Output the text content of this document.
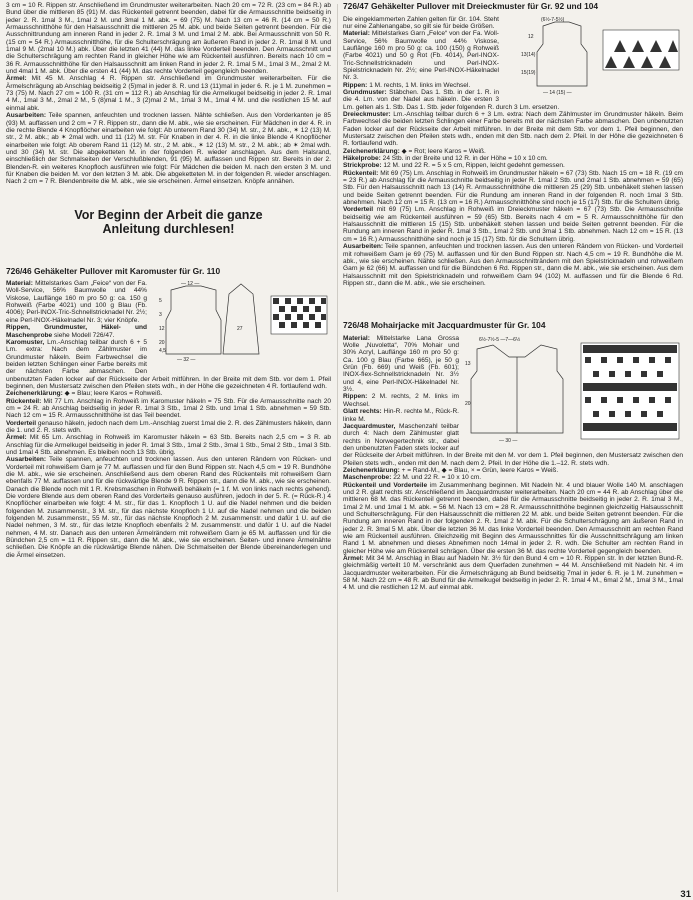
3 cm = 10 R. Rippen str. Anschließend im Grundmuster weiterarbeiten. Nach 20 cm = 72 R. (23 cm = 84 R.) ab Bund über die mittleren 85 (91) M. das Rückenteil getrennt beenden, dabei für die Armausschnitte beidseitig in jeder 2. R. 1mal 3 M., 1mal 2 M. und 3mal 1 M. abk. = 69 (75) M. Nach 13 cm = 46 R. (14 cm = 50 R.) Armausschnitthöhe für den Halsausschnitt die mittleren 25 M. abk. und beide Seiten getrennt beenden. Für die Ausschnittrundung am inneren Rand in jeder 2. R. 1mal 3 M. und 1mal 2 M. abk. Bei Armausschnitt von 50 R. (15 cm = 54 R.) Armausschnitthöhe, für die Schulterschrägung am äußeren Rand in jeder 2. R. 1mal 8 M. und 1mal 9 M. (2mal 10 M.) abk. Über die letzten 41 (44) M. das linke Vorderteil beenden. Den Armausschnitt und die Schulterschrägung am rechten Rand in gleicher Höhe wie am Rückenteil ausführen. Bereits nach 10 cm = 36 R. Armausschnitthöhe für den Halsausschnitt am linken Rand in jeder 2. R. 1mal 5 M., 1mal 3 M., 2mal 2 M. und 4mal 1 M. abk. Über die ersten 41 (44) M. das rechte Vorderteil gegengleich beenden.

Ärmel: Mit 45 M. Anschlag 4 R. Rippen str. Anschließend im Grundmuster weiterarbeiten. Für die Ärmelschrägung ab Anschlag beidseitig 2 (5)mal in jeder 8. R. und 13 (11)mal in jeder 6. R. je 1 M. zunehmen = 73 (75) M. Nach 27 cm = 100 R. (31 cm = 112 R.) ab Anschlag für die Armelkugel beidseitig in jeder 2. R. 1mal 4 M., 1mal 3 M., 2mal 2 M., 5 (8)mal 1 M., 3 (2)mal 2 M., 1mal 3 M., 1mal 4 M. und die restlichen 15 M. auf einmal abk.

Ausarbeiten: Teile spannen, anfeuchten und trocknen lassen. Nähte schließen. Aus den Vorderkanten je 85 (93) M. auffassen und 2 cm = 7 R. Rippen str., dann die M. abk., wie sie erscheinen. Für Mädchen in der 4. R. in die rechte Blende 4 Knopflöcher einarbeiten wie folgt: Ab unterem Rand 30 (34) M. str., 2 M. abk., ✶ 12 (13) M. str., 2 M. abk.; ab ✶ 2mal wdh. und 11 (12) M. str. Für Knaben in der 4. R. in die linke Blende 4 Knopflöcher einarbeiten wie folgt: Ab oberem Rand 11 (12) M. str., 2 M. abk., ✶ 12 (13) M. str., 2 M. abk.; ab ✶ 2mal wdh. und 30 (34) M. str. Die abgeketteten M. in der folgenden R. wieder anschlagen. Aus dem Halsrand, einschließlich der Schmalseiten der Verschlußblenden, 91 (95) M. auffassen und Rippen str. Bereits in der 2. Blenden-R. ein weiteres Knopfloch ausführen wie folgt: Für Mädchen die beiden M. nach den ersten 3 M. und für Knaben die beiden M. vor den letzten 3 M. abk. Die abgeketteten M. in der folgenden R. wieder anschlagen. Nach 2 cm = 7 R. Blendenbreite die M. abk., wie sie erscheinen. Ärmel einsetzen. Knöpfe annähen.

Vor Beginn der Arbeit die ganze
Anleitung durchlesen!
726/46 Gehäkelter Pullover mit Karomuster für Gr. 110
— 12 —
5
3
12
20
4,5
— 32 —
27

Material: Mittelstarkes Garn „Feice“ von der Fa. Woll-Service, 56% Baumwolle und 44% Viskose, Lauflänge 160 m pro 50 g: ca. 150 g Rohweiß (Farbe 4021) und 100 g Blau (Fb. 4006); Perl-INOX-Tric-Schnellstricknadel Nr. 2½; eine Perl-INOX-Häkelnadel Nr. 3; vier Knöpfe.

Rippen, Grundmuster, Häkel- und Maschenprobe siehe Modell 726/47.

Karomuster, Lm.-Anschlag teilbar durch 6 + 5 Lm. extra: Nach dem Zählmuster im Grundmuster häkeln. Beim Farbwechsel die beiden letzten Schlingen einer Farbe bereits mit der nächsten Farbe abmaschen. Den unbenutzten Faden locker auf der Rückseite der Arbeit mitführen. In der Breite mit dem Stb. vor dem 1. Pfeil beginnen, den Mustersatz zwischen den Pfeilen stets wdh., in der Höhe die gezeichneten 4 R. fortlaufend wdh.

Zeichenerklärung: ◆ = Blau; leere Karos = Rohweiß.

Rückenteil: Mit 77 Lm. Anschlag in Rohweiß im Karomuster häkeln = 75 Stb. Für die Armausschnitte nach 20 cm = 24 R. ab Anschlag beidseitig in jeder R. 1mal 3 Stb., 1mal 2 Stb. und 1mal 1 Stb. abnehmen = 59 Stb. Nach 12 cm = 15 R. Armausschnitthöhe ist das Teil beendet.

Vorderteil genauso häkeln, jedoch nach dem Lm.-Anschlag zuerst 1mal die 2. R. des Zählmusters häkeln, dann die 1. und 2. R. stets wdh.

Ärmel: Mit 65 Lm. Anschlag in Rohweiß im Karomuster häkeln = 63 Stb. Bereits nach 2,5 cm = 3 R. ab Anschlag für die Armelkugel beidseitig in jeder R. 1mal 3 Stb., 1mal 2 Stb., 3mal 1 Stb., 5mal 2 Stb., 1mal 3 Stb. und 1mal 4 Stb. abnehmen. Es bleiben noch 13 Stb. übrig.

Ausarbeiten: Teile spannen, anfeuchten und trocknen lassen. Aus den unteren Rändern von Rücken- und Vorderteil mit rohweißem Garn je 77 M. auffassen und für den Bund Rippen str. Nach 4,5 cm = 19 R. Bundhöhe die M. abk., wie sie erscheinen. Anschließend aus dem oberen Rand des Rückenteils mit rohweißem Garn ebenfalls 77 M. auffassen und für die rückwärtige Blende 9 R. Rippen str., dann die M. abk., wie sie erscheinen. Danach die Blende noch mit 1 R. Krebsmaschen in Rohweiß behäkeln (= 1 f. M. von links nach rechts gehend). Die vordere Blende aus dem oberen Rand des Vorderteils genauso ausführen, jedoch in der 5. R. (= Rück-R.) 4 Knopflöcher einarbeiten wie folgt: 4 M. str., für das 1. Knopfloch 1 U. auf die Nadel nehmen und die beiden folgenden M. zusammenstr., 3 M. str., für das nächste Knopfloch 1 U. auf die Nadel nehmen und die beiden folgenden M. zusammenstr., 55 M. str., für das nächste Knopfloch 2 M. zusammenstr. und dafür 1 U. auf die Nadel nehmen, 3 M. str., für das letzte Knopfloch ebenfalls 2 M. zusammenstr. und dafür 1 U. auf die Nadel nehmen, 4 M. str. Danach aus den unteren Ärmelrändern mit rohweißem Garn je 65 M. auffassen und für die Bündchen 2,5 cm = 11 R. Rippen str., dann die M. abk., wie sie erscheinen. Seiten- und innere Ärmelnähte schließen. Die Knöpfe an die rückwärtige Blende nähen. Die Schmalseiten der Blende übereinanderlegen und die Ärmel einsetzen.

726/47 Gehäkelter Pullover mit Dreieckmuster für Gr. 92 und 104
(6½-7-5½)
12
13(14)
15(19)
— 14 (15) —

Die eingeklammerten Zahlen gelten für Gr. 104. Steht nur eine Zahlenangabe, so gilt sie für beide Größen.

Material: Mittelstarkes Garn „Felce“ von der Fa. Woll-Service, 56% Baumwolle und 44% Viskose, Lauflänge 160 m pro 50 g: ca. 100 (150) g Rohweiß (Farbe 4021) und 50 g Rot (Fb. 4014), Perl-INOX-Tric-Schnellstricknadeln und Perl-INOX-Spielstricknadeln Nr. 2½; eine Perl-INOX-Häkelnadel Nr. 3.

Rippen: 1 M. rechts, 1 M. links im Wechsel.

Grundmuster: Stäbchen. Das 1. Stb. in der 1. R. in die 4. Lm. von der Nadel aus häkeln. Die ersten 3 Lm. gelten als 1. Stb. Das 1. Stb. jeder folgenden R. durch 3 Lm. ersetzen.

Dreieckmuster: Lm.-Anschlag teilbar durch 6 + 3 Lm. extra: Nach dem Zählmuster im Grundmuster häkeln. Beim Farbwechsel die beiden letzten Schlingen einer Farbe bereits mit der nächsten Farbe abmaschen. Den unbenutzten Faden locker auf der Rückseite der Arbeit mitführen. In der Breite mit dem Stb. vor dem 1. Pfeil beginnen, den Mustersatz zwischen den Pfeilen stets wdh., enden mit den Stb. nach dem 2. Pfeil. In der Höhe die gezeichneten 6 R. fortlaufend wdh.

Zeichenerklärung: ◆ = Rot; leere Karos = Weiß.

Häkelprobe: 24 Stb. in der Breite und 12 R. in der Höhe = 10 x 10 cm.

Strickprobe: 12 M. und 22 R. = 5 x 5 cm, Rippen, leicht gedehnt gemessen.

Rückenteil: Mit 69 (75) Lm. Anschlag in Rohweiß im Grundmuster häkeln = 67 (73) Stb. Nach 15 cm = 18 R. (19 cm = 23 R.) ab Anschlag für die Armausschnitte beidseitig in jeder R. 1mal 2 Stb. und 2mal 1 Stb. abnehmen = 59 (65) Stb. Für den Halsausschnitt nach 13 (14) R. Armausschnitthöhe die mittleren 25 (29) Stb. unbehäkelt stehen lassen und beide Seiten getrennt beenden. Für die Rundung am inneren Rand in der folgenden R. noch 1mal 3 Stb. abnehmen. Nach 12 cm = 15 R. (13 cm = 16 R.) Armausschnitthöhe sind noch je 15 (17) Stb. für die Schultern übrig.

Vorderteil mit 69 (75) Lm. Anschlag in Rohweiß im Dreieckmuster häkeln = 67 (73) Stb. Die Armausschnitte beidseitig wie am Rückenteil ausführen = 59 (65) Stb. Bereits nach 4 cm = 5 R. Armausschnitthöhe für den Halsausschnitt die mittleren 15 (15) Stb. unbehäkelt stehen lassen und beide Seiten getrennt beenden. Für die Rundung am inneren Rand in jeder R. 1mal 3 Stb., 1mal 2 Stb. und 3mal 1 Stb. abnehmen. Nach 12 cm = 15 R. (13 cm = 16 R.) Armausschnitthöhe sind noch je 15 (17) Stb. für die Schultern übrig.

Ausarbeiten: Teile spannen, anfeuchten und trocknen lassen. Aus den unteren Rändern von Rücken- und Vorderteil mit rohweißem Garn je 69 (75) M. auffassen und für den Bund Rippen str. Nach 4,5 cm = 19 R. Bundhöhe die M. abk., wie sie erscheinen. Nähte schließen. Aus den Armausschnitträndern mit den Spielstricknadeln und rohweißem Garn je 62 (66) M. auffassen und für die Bündchen 6 Rd. Rippen str., dann die M. abk., wie sie erscheinen. Aus dem Halsausschnitt mit den Spielstricknadeln und rohweißem Garn 94 (102) M. auffassen und für die Blende 6 Rd. Rippen str., dann die M. abk., wie sie erscheinen.

726/48 Mohairjacke mit Jacquardmuster für Gr. 104
6½-7½-5 —7—6½
13
20
— 30 —

Material: Mittelstarke Lana Grossa Wolle „Nuvoletta“, 70% Mohair und 30% Acryl, Lauflänge 160 m pro 50 g: Ca. 100 g Blau (Farbe 665), je 50 g Grün (Fb. 669) und Weiß (Fb. 601); INOX-flex-Schnellstricknadeln Nr. 3½ und 4, eine Perl-INOX-Häkelnadel Nr. 3½.

Rippen: 2 M. rechts, 2 M. links im Wechsel.

Glatt rechts: Hin-R. rechte M., Rück-R. linke M.

Jacquardmuster, Maschenzahl teilbar durch 4: Nach dem Zählmuster glatt rechts in Norwegertechnik str., dabei den unbenutzten Faden stets locker auf der Rückseite der Arbeit mitführen. In der Breite mit den M. vor dem 1. Pfeil beginnen, den Mustersatz zwischen den Pfeilen stets wdh., enden mit den M. nach dem 2. Pfeil. In der Höhe die 1.–12. R. stets wdh.

Zeichenerklärung: + = Rand-M., ◆ = Blau, × = Grün, leere Karos = Weiß.

Maschenprobe: 22 M. und 22 R. = 10 x 10 cm.

Rückenteil und Vorderteile im Zusammenhang beginnen. Mit Nadeln Nr. 4 und blauer Wolle 140 M. anschlagen und 2 R. glatt rechts str. Anschließend im Jacquardmuster weiterarbeiten. Nach 20 cm = 44 R. ab Anschlag über die mittleren 68 M. das Rückenteil getrennt beenden, dabei für die Armausschnitte beidseitig in jeder 2. R. 1mal 3 M., 1mal 2 M. und 1mal 1 M. abk. = 56 M. Nach 13 cm = 28 R. Armausschnitthöhe beginnen gleichzeitig Halsausschnitt und Schulterschrägung. Für den Halsausschnitt die mittleren 22 M. abk. und beide Seiten getrennt beenden. Für die Rundung am inneren Rand in der folgenden 2. R. 1mal 2 M. abk. Für die Schulterschrägung am äußeren Rand in jeder 2. R. 3mal 5 M. abk. Über die letzten 36 M. das linke Vorderteil beenden. Den Armausschnitt am rechten Rand wie am Rückenteil ausführen. Gleichzeitig mit Beginn des Armausschnittes für die Ausschnittschrägung am linken Rand 1 M. abnehmen und dieses Abnehmen noch 14mal in jeder 2. R. wdh. Die Schulter am rechten Rand in gleicher Höhe wie am Rückenteil schrägen. Über die ersten 36 M. das rechte Vorderteil gegengleich beenden.

Ärmel: Mit 34 M. Anschlag in Blau auf Nadeln Nr. 3½ für den Bund 4 cm = 10 R. Rippen str. In der letzten Bund-R. gleichmäßig verteilt 10 M. verschränkt aus dem Querfaden zunehmen = 44 M. Anschließend mit Nadeln Nr. 4 im Jacquardmuster weiterarbeiten. Für die Ärmelschrägung ab Bund beidseitig 7mal in jeder 6. R. je 1 M. zunehmen = 58 M. Nach 22 cm = 48 R. ab Bund für die Armelkugel beidseitig in jeder 2. R. 1mal 4 M., 6mal 2 M., 1mal 3 M., 1mal 4 M. und die restlichen 12 M. auf einmal abk.

31
